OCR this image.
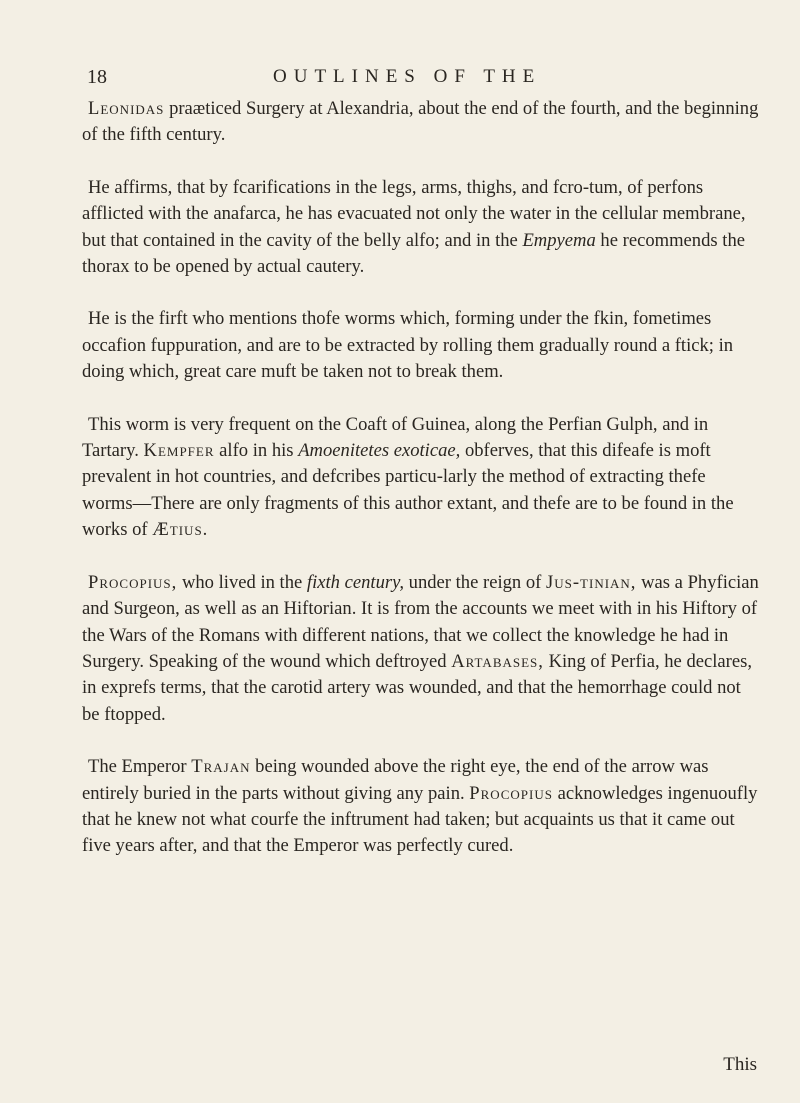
18	OUTLINES OF THE

Leonidas praæticed Surgery at Alexandria, about the end of the fourth, and the beginning of the fifth century.

He affirms, that by fcarifications in the legs, arms, thighs, and fcro-tum, of perfons afflicted with the anafarca, he has evacuated not only the water in the cellular membrane, but that contained in the cavity of the belly alfo; and in the Empyema he recommends the thorax to be opened by actual cautery.

He is the firft who mentions thofe worms which, forming under the fkin, fometimes occafion fuppuration, and are to be extracted by rolling them gradually round a ftick; in doing which, great care muft be taken not to break them.

This worm is very frequent on the Coaft of Guinea, along the Perfian Gulph, and in Tartary. Kempfer alfo in his Amoenitetes exoticae, obferves, that this difeafe is moft prevalent in hot countries, and defcribes particu-larly the method of extracting thefe worms—There are only fragments of this author extant, and thefe are to be found in the works of Ætius.

Procopius, who lived in the fixth century, under the reign of Jus-tinian, was a Phyfician and Surgeon, as well as an Hiftorian. It is from the accounts we meet with in his Hiftory of the Wars of the Romans with different nations, that we collect the knowledge he had in Surgery. Speaking of the wound which deftroyed Artabases, King of Perfia, he declares, in exprefs terms, that the carotid artery was wounded, and that the hemorrhage could not be ftopped.

The Emperor Trajan being wounded above the right eye, the end of the arrow was entirely buried in the parts without giving any pain. Procopius acknowledges ingenuoufly that he knew not what courfe the inftrument had taken; but acquaints us that it came out five years after, and that the Emperor was perfectly cured.

This
